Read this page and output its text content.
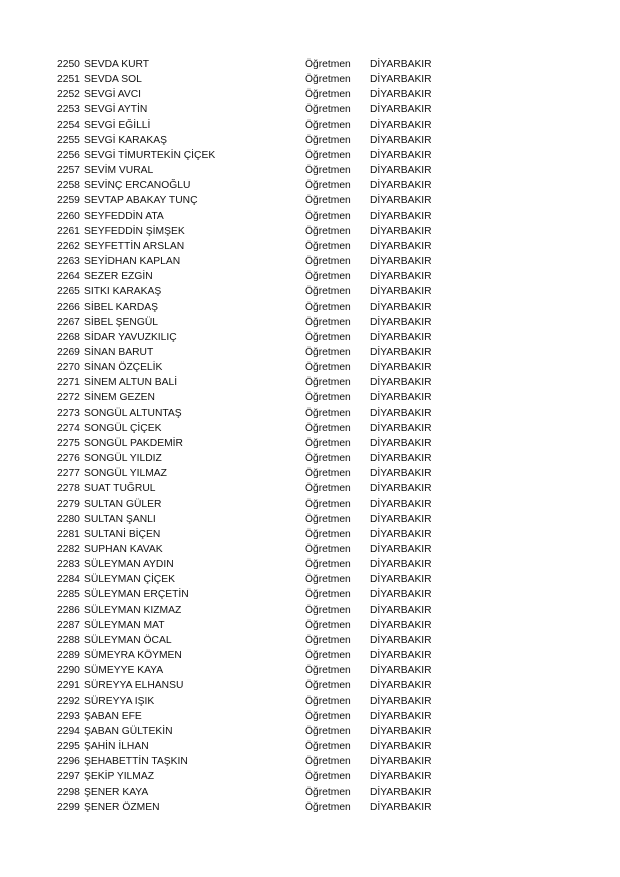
2250 SEVDA KURT	Öğretmen DİYARBAKIR
2251 SEVDA SOL	Öğretmen DİYARBAKIR
2252 SEVGİ AVCI	Öğretmen DİYARBAKIR
2253 SEVGİ AYTİN	Öğretmen DİYARBAKIR
2254 SEVGİ EĞİLLİ	Öğretmen DİYARBAKIR
2255 SEVGİ KARAKAŞ	Öğretmen DİYARBAKIR
2256 SEVGİ TİMURTEKİN ÇİÇEK	Öğretmen DİYARBAKIR
2257 SEVİM VURAL	Öğretmen DİYARBAKIR
2258 SEVİNÇ ERCANOĞLU	Öğretmen DİYARBAKIR
2259 SEVTAP ABAKAY TUNÇ	Öğretmen DİYARBAKIR
2260 SEYFEDDİN ATA	Öğretmen DİYARBAKIR
2261 SEYFEDDİN ŞİMŞEK	Öğretmen DİYARBAKIR
2262 SEYFETTİN ARSLAN	Öğretmen DİYARBAKIR
2263 SEYİDHAN KAPLAN	Öğretmen DİYARBAKIR
2264 SEZER EZGİN	Öğretmen DİYARBAKIR
2265 SITKI KARAKAŞ	Öğretmen DİYARBAKIR
2266 SİBEL KARDAŞ	Öğretmen DİYARBAKIR
2267 SİBEL ŞENGÜL	Öğretmen DİYARBAKIR
2268 SİDAR YAVUZKILIÇ	Öğretmen DİYARBAKIR
2269 SİNAN BARUT	Öğretmen DİYARBAKIR
2270 SİNAN ÖZÇELİK	Öğretmen DİYARBAKIR
2271 SİNEM ALTUN BALİ	Öğretmen DİYARBAKIR
2272 SİNEM GEZEN	Öğretmen DİYARBAKIR
2273 SONGÜL ALTUNTAŞ	Öğretmen DİYARBAKIR
2274 SONGÜL ÇİÇEK	Öğretmen DİYARBAKIR
2275 SONGÜL PAKDEMİR	Öğretmen DİYARBAKIR
2276 SONGÜL YILDIZ	Öğretmen DİYARBAKIR
2277 SONGÜL YILMAZ	Öğretmen DİYARBAKIR
2278 SUAT TUĞRUL	Öğretmen DİYARBAKIR
2279 SULTAN GÜLER	Öğretmen DİYARBAKIR
2280 SULTAN ŞANLI	Öğretmen DİYARBAKIR
2281 SULTANİ BİÇEN	Öğretmen DİYARBAKIR
2282 SUPHAN KAVAK	Öğretmen DİYARBAKIR
2283 SÜLEYMAN AYDIN	Öğretmen DİYARBAKIR
2284 SÜLEYMAN ÇİÇEK	Öğretmen DİYARBAKIR
2285 SÜLEYMAN ERÇETİN	Öğretmen DİYARBAKIR
2286 SÜLEYMAN KIZMAZ	Öğretmen DİYARBAKIR
2287 SÜLEYMAN MAT	Öğretmen DİYARBAKIR
2288 SÜLEYMAN ÖCAL	Öğretmen DİYARBAKIR
2289 SÜMEYRA KÖYMEN	Öğretmen DİYARBAKIR
2290 SÜMEYYE KAYA	Öğretmen DİYARBAKIR
2291 SÜREYYA ELHANSU	Öğretmen DİYARBAKIR
2292 SÜREYYA IŞIK	Öğretmen DİYARBAKIR
2293 ŞABAN EFE	Öğretmen DİYARBAKIR
2294 ŞABAN GÜLTEKİN	Öğretmen DİYARBAKIR
2295 ŞAHİN İLHAN	Öğretmen DİYARBAKIR
2296 ŞEHABETTİN TAŞKIN	Öğretmen DİYARBAKIR
2297 ŞEKİP YILMAZ	Öğretmen DİYARBAKIR
2298 ŞENER KAYA	Öğretmen DİYARBAKIR
2299 ŞENER ÖZMEN	Öğretmen DİYARBAKIR
